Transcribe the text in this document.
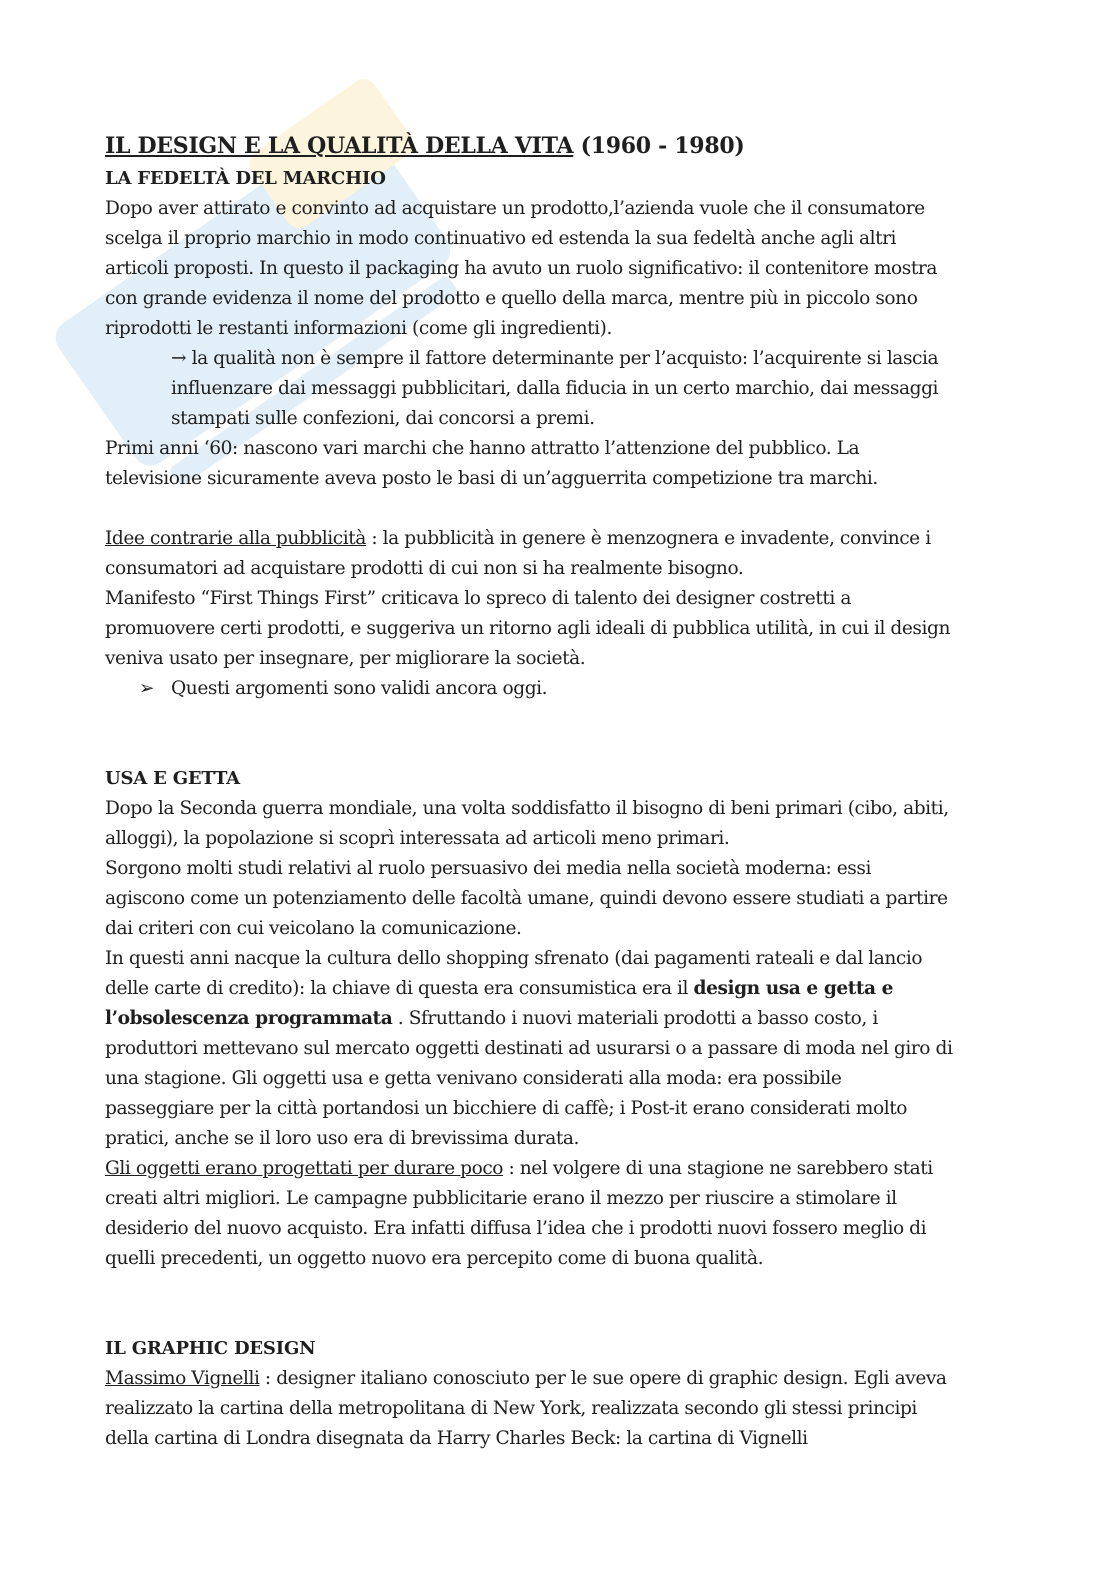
IL DESIGN E LA QUALITÀ DELLA VITA (1960 - 1980)
LA FEDELTÀ DEL MARCHIO

Dopo aver attirato e convinto ad acquistare un prodotto,l’azienda vuole che il consumatore scelga il proprio marchio in modo continuativo ed estenda la sua fedeltà anche agli altri articoli proposti. In questo il packaging ha avuto un ruolo significativo: il contenitore mostra con grande evidenza il nome del prodotto e quello della marca, mentre più in piccolo sono riprodotti le restanti informazioni (come gli ingredienti).

→ la qualità non è sempre il fattore determinante per l’acquisto: l’acquirente si lascia influenzare dai messaggi pubblicitari, dalla fiducia in un certo marchio, dai messaggi stampati sulle confezioni, dai concorsi a premi.

Primi anni ‘60: nascono vari marchi che hanno attratto l’attenzione del pubblico. La televisione sicuramente aveva posto le basi di un’agguerrita competizione tra marchi.

Idee contrarie alla pubblicità : la pubblicità in genere è menzognera e invadente, convince i consumatori ad acquistare prodotti di cui non si ha realmente bisogno.

Manifesto “First Things First” criticava lo spreco di talento dei designer costretti a promuovere certi prodotti, e suggeriva un ritorno agli ideali di pubblica utilità, in cui il design veniva usato per insegnare, per migliorare la società.

➢ Questi argomenti sono validi ancora oggi.
USA E GETTA

Dopo la Seconda guerra mondiale, una volta soddisfatto il bisogno di beni primari (cibo, abiti, alloggi), la popolazione si scoprì interessata ad articoli meno primari.

Sorgono molti studi relativi al ruolo persuasivo dei media nella società moderna: essi agiscono come un potenziamento delle facoltà umane, quindi devono essere studiati a partire dai criteri con cui veicolano la comunicazione.

In questi anni nacque la cultura dello shopping sfrenato (dai pagamenti rateali e dal lancio delle carte di credito): la chiave di questa era consumistica era il design usa e getta e l’obsolescenza programmata . Sfruttando i nuovi materiali prodotti a basso costo, i produttori mettevano sul mercato oggetti destinati ad usurarsi o a passare di moda nel giro di una stagione. Gli oggetti usa e getta venivano considerati alla moda: era possibile passeggiare per la città portandosi un bicchiere di caffè; i Post-it erano considerati molto pratici, anche se il loro uso era di brevissima durata.

Gli oggetti erano progettati per durare poco : nel volgere di una stagione ne sarebbero stati creati altri migliori. Le campagne pubblicitarie erano il mezzo per riuscire a stimolare il desiderio del nuovo acquisto. Era infatti diffusa l’idea che i prodotti nuovi fossero meglio di quelli precedenti, un oggetto nuovo era percepito come di buona qualità.

IL GRAPHIC DESIGN

Massimo Vignelli : designer italiano conosciuto per le sue opere di graphic design. Egli aveva realizzato la cartina della metropolitana di New York, realizzata secondo gli stessi principi della cartina di Londra disegnata da Harry Charles Beck: la cartina di Vignelli
